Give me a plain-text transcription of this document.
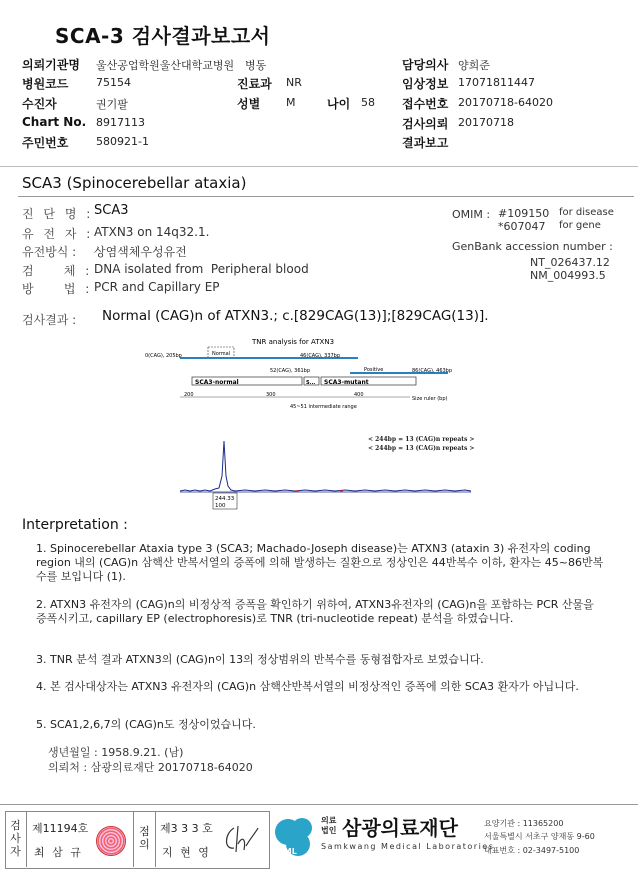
SCA-3 검사결과보고서
의뢰기관명 울산공업학원울산대학교병원 병동
병원코드	75154	진료과 NR
수진자	권기팔	성별 M	나이 58
Chart No. 8917113
주민번호	580921-1
담당의사 양희준
임상정보 17071811447
접수번호 20170718-64020
검사의뢰 20170718
결과보고
SCA3 (Spinocerebellar ataxia)
진 단 명 : SCA3
유 전 자 : ATXN3 on 14q32.1.
유전방식 : 상염색체우성유전
검    체 : DNA isolated from  Peripheral blood
방    법 : PCR and Capillary EP
OMIM : #109150 for disease
*607047 for gene
GenBank accession number :
NT_026437.12
NM_004993.5
검사결과 : Normal (CAG)n of ATXN3.; c.[829CAG(13)];[829CAG(13)].
TNR analysis for ATXN3
0(CAG), 205bp	Normal	46(CAG), 337bp
52(CAG), 361bp	Positive	86(CAG), 463bp
SCA3-normal	S... SCA3-mutant
200	300	400
Size ruler (bp)
45~51 intermediate range
< 244bp = 13 (CAG)n repeats >
< 244bp = 13 (CAG)n repeats >
244.33
100
Interpretation :
1. Spinocerebellar Ataxia type 3 (SCA3; Machado-Joseph disease)는 ATXN3 (ataxin 3) 유전자의 coding region 내의 (CAG)n 삼핵산 반복서열의 증폭에 의해 발생하는 질환으로 정상인은 44반복수 이하, 환자는 45~86반복수를 보입니다 (1).
2. ATXN3 유전자의 (CAG)n의 비정상적 증폭을 확인하기 위하여, ATXN3유전자의 (CAG)n을 포함하는 PCR 산물을 증폭시키고, capillary EP (electrophoresis)로 TNR (tri-nucleotide repeat) 분석을 하였습니다.
3. TNR 분석 결과 ATXN3의 (CAG)n이 13의 정상범위의 반복수를 동형접합자로 보였습니다.
4. 본 검사대상자는 ATXN3 유전자의 (CAG)n 삼핵산반복서열의 비정상적인 증폭에 의한 SCA3 환자가 아닙니다.
5. SCA1,2,6,7의 (CAG)n도 정상이었습니다.
생년월일 : 1958.9.21. (남)
의뢰처 : 삼광의료재단 20170718-64020
검
사
자
제11194호
최 삼 규
점
의
제3 3 3 호
지 현 영	SML
의료
법인 삼광의료재단
Samkwang Medical Laboratories
요양기관 : 11365200
서울특별시 서초구 양재동 9-60
대표번호 : 02-3497-5100
